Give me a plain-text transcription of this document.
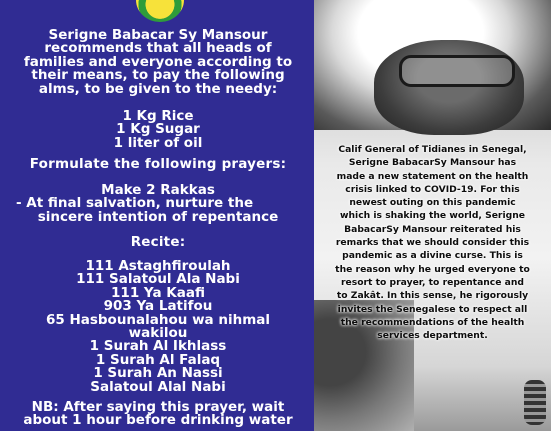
Serigne Babacar Sy Mansour
recommends that all heads of
families and everyone according to
their means, to pay the following
alms, to be given to the needy:

1 Kg Rice
1 Kg Sugar
1 liter of oil

Formulate the following prayers:

Make 2 Rakkas
- At final salvation, nurture the
sincere intention of repentance

Recite:

111 Astaghfiroulah
111 Salatoul Ala Nabi
111 Ya Kaafi
903 Ya Latifou
65 Hasbounalahou wa nihmal
wakilou
1 Surah Al Ikhlass
1 Surah Al Falaq
1 Surah An Nassi
Salatoul Alal Nabi

NB: After saying this prayer, wait
about 1 hour before drinking water

Calif General of Tidianes in Senegal,
Serigne BabacarSy Mansour has
made a new statement on the health
crisis linked to COVID-19. For this
newest outing on this pandemic
which is shaking the world, Serigne
BabacarSy Mansour reiterated his
remarks that we should consider this
pandemic as a divine curse. This is
the reason why he urged everyone to
resort to prayer, to repentance and
to Zakât. In this sense, he rigorously
invites the Senegalese to respect all
the recommendations of the health
services department.
